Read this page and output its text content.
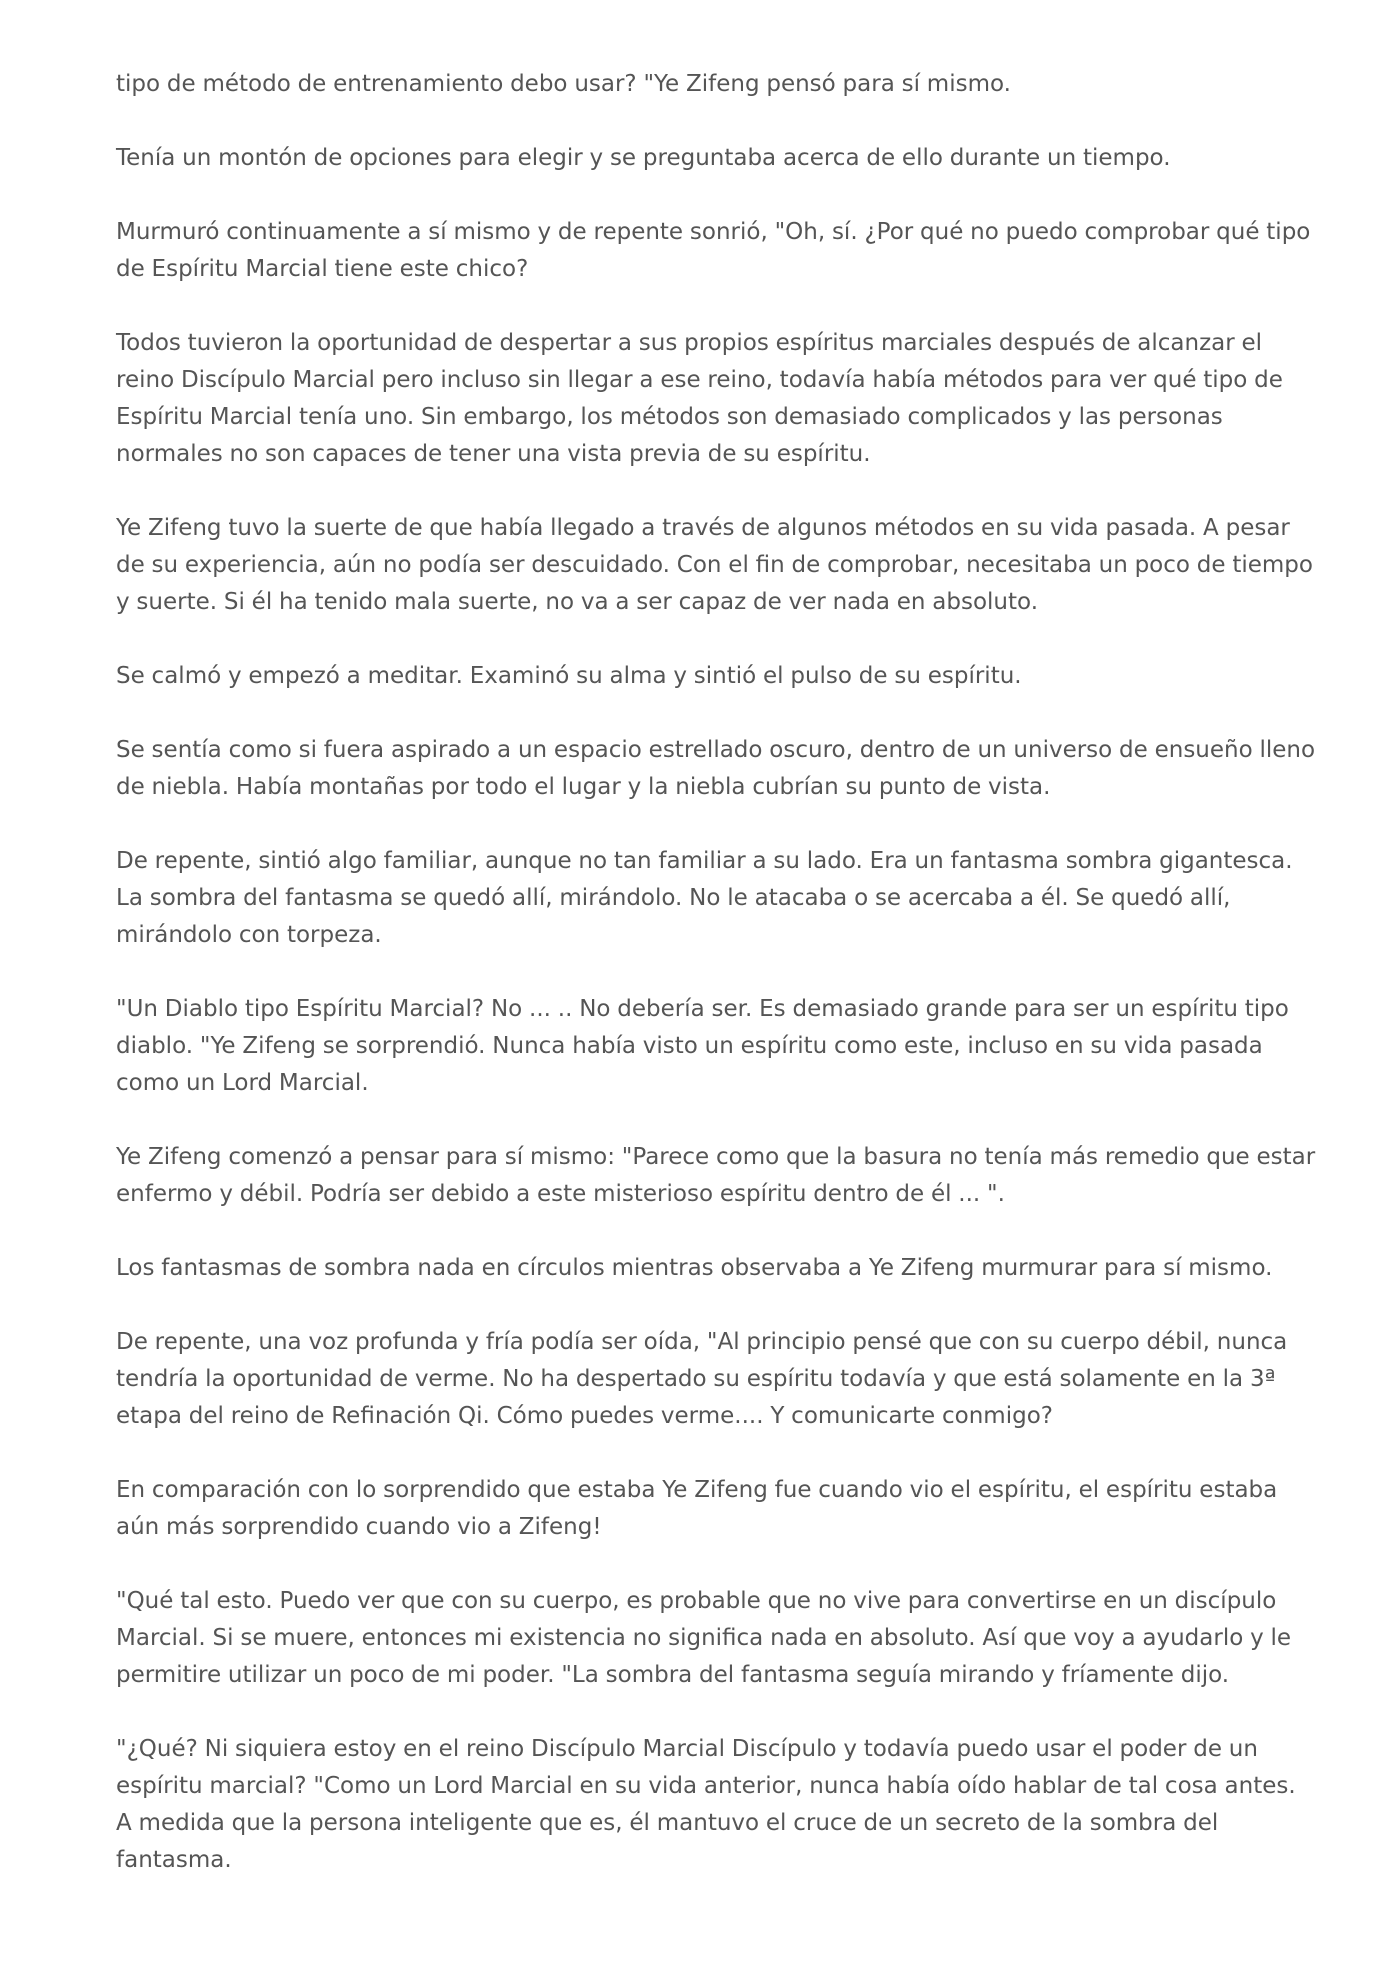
tipo de método de entrenamiento debo usar? "Ye Zifeng pensó para sí mismo.

Tenía un montón de opciones para elegir y se preguntaba acerca de ello durante un tiempo.

Murmuró continuamente a sí mismo y de repente sonrió, "Oh, sí. ¿Por qué no puedo comprobar qué tipo de Espíritu Marcial tiene este chico?

Todos tuvieron la oportunidad de despertar a sus propios espíritus marciales después de alcanzar el reino Discípulo Marcial pero incluso sin llegar a ese reino, todavía había métodos para ver qué tipo de Espíritu Marcial tenía uno. Sin embargo, los métodos son demasiado complicados y las personas normales no son capaces de tener una vista previa de su espíritu.

Ye Zifeng tuvo la suerte de que había llegado a través de algunos métodos en su vida pasada. A pesar de su experiencia, aún no podía ser descuidado. Con el fin de comprobar, necesitaba un poco de tiempo y suerte. Si él ha tenido mala suerte, no va a ser capaz de ver nada en absoluto.

Se calmó y empezó a meditar. Examinó su alma y sintió el pulso de su espíritu.

Se sentía como si fuera aspirado a un espacio estrellado oscuro, dentro de un universo de ensueño lleno de niebla. Había montañas por todo el lugar y la niebla cubrían su punto de vista.

De repente, sintió algo familiar, aunque no tan familiar a su lado. Era un fantasma sombra gigantesca. La sombra del fantasma se quedó allí, mirándolo. No le atacaba o se acercaba a él. Se quedó allí, mirándolo con torpeza.

"Un Diablo tipo Espíritu Marcial? No ... .. No debería ser. Es demasiado grande para ser un espíritu tipo diablo. "Ye Zifeng se sorprendió. Nunca había visto un espíritu como este, incluso en su vida pasada como un Lord Marcial.

Ye Zifeng comenzó a pensar para sí mismo: "Parece como que la basura no tenía más remedio que estar enfermo y débil. Podría ser debido a este misterioso espíritu dentro de él ... ".

Los fantasmas de sombra nada en círculos mientras observaba a Ye Zifeng murmurar para sí mismo.

De repente, una voz profunda y fría podía ser oída, "Al principio pensé que con su cuerpo débil, nunca tendría la oportunidad de verme. No ha despertado su espíritu todavía y que está solamente en la 3ª etapa del reino de Refinación Qi. Cómo puedes verme.... Y comunicarte conmigo?

En comparación con lo sorprendido que estaba Ye Zifeng fue cuando vio el espíritu, el espíritu estaba aún más sorprendido cuando vio a Zifeng!

"Qué tal esto. Puedo ver que con su cuerpo, es probable que no vive para convertirse en un discípulo Marcial. Si se muere, entonces mi existencia no significa nada en absoluto. Así que voy a ayudarlo y le permitire utilizar un poco de mi poder. "La sombra del fantasma seguía mirando y fríamente dijo.

"¿Qué? Ni siquiera estoy en el reino Discípulo Marcial Discípulo y todavía puedo usar el poder de un espíritu marcial? "Como un Lord Marcial en su vida anterior, nunca había oído hablar de tal cosa antes. A medida que la persona inteligente que es, él mantuvo el cruce de un secreto de la sombra del fantasma.
